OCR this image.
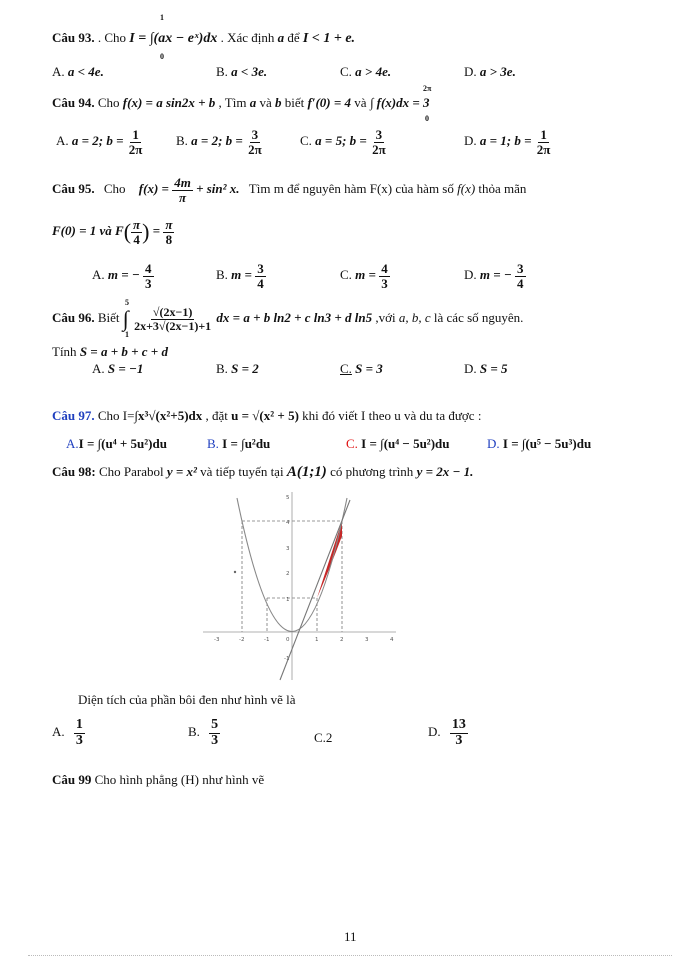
Câu 93. . Cho I = ∫(ax − eˣ)dx . Xác định a để I < 1 + e.
1
0
A. a < 4e.	B. a < 3e.	C. a > 4e.	D. a > 3e.
Câu 94. Cho f(x) = a sin2x + b , Tìm a và b biết f′(0) = 4 và ∫ f(x)dx = 3
2π
0
A. a = 2; $b = \frac{1}{2\pi} B$. a = 2; $b = \frac{3}{2\pi}$	C. a = 5; $b = \frac{3}{2\pi}$	D. a = 1; $b = \frac{1}{2\pi}$
Câu 95. Cho $f(x) = \frac{4m}{\pi} + \sin^2$ x. Tìm m để nguyên hàm F(x) của hàm số f(x) thỏa mãn
F(0) = 1 và $F( \frac{\pi}{4}$ ) = $\frac{\pi}{8}$
A. m = − $\frac{4}{3}$	B. $m = \frac{3}{4}$	C. $m = \frac{4}{3}$	D. m = − $\frac{3}{4}$
Câu 96. Biết ∫ $\frac{√(2x-1)}{2x+3√(2x-1)+1}$ dx = a + b ln2 + c ln3 + d ln5 ,với a, b, c là các số nguyên.
5
1
Tính S = a + b + c + d
A. S = −1	B. S = 2	C. S = 3	D. S = 5
Câu 97. Cho I=∫x³√(x²+5)dx , đặt u = √(x² + 5) khi đó viết I theo u và du ta được :
A.I = ∫(u⁴ + 5u²)du	B. I = ∫u²du	C. I = ∫(u⁴ − 5u²)du	D. I = ∫(u⁵ − 5u³)du
Câu 98: Cho Parabol y = x² và tiếp tuyến tại A(1;1) có phương trình y = 2x − 1.
-3	-2	-1	0	1	2	3	4
5
4
3
2
1
-1
Diện tích của phần bôi đen như hình vẽ là
A. $\frac{1}{3}$	B. $\frac{5}{3}$	C.2	D. $\frac{13}{3}$
Câu 99 Cho hình phẳng (H) như hình vẽ
11
